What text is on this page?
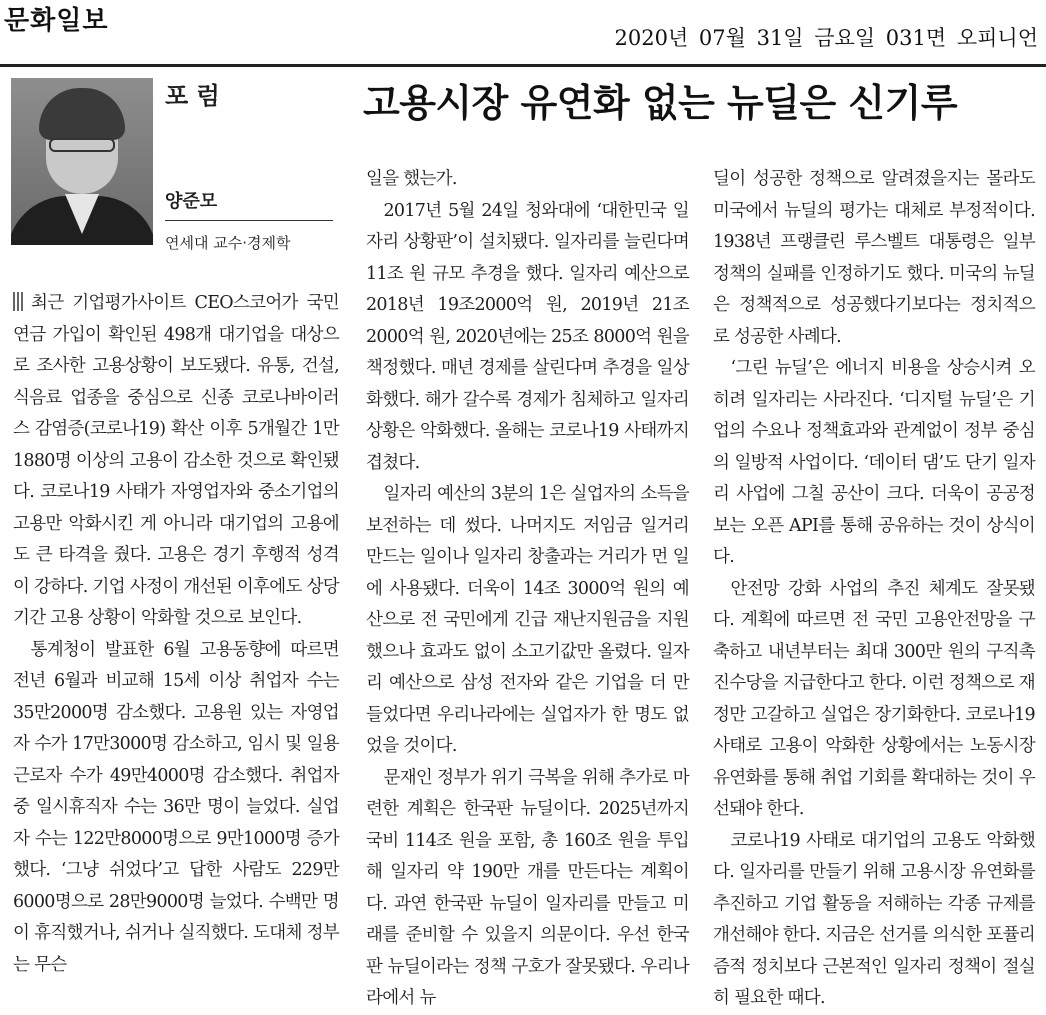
문화일보
2020년 07월 31일 금요일 031면 오피니언
포 럼
양준모
연세대 교수·경제학
고용시장 유연화 없는 뉴딜은 신기루

최근 기업평가사이트 CEO스코어가 국민연금 가입이 확인된 498개 대기업을 대상으로 조사한 고용상황이 보도됐다. 유통, 건설, 식음료 업종을 중심으로 신종 코로나바이러스 감염증(코로나19) 확산 이후 5개월간 1만1880명 이상의 고용이 감소한 것으로 확인됐다. 코로나19 사태가 자영업자와 중소기업의 고용만 악화시킨 게 아니라 대기업의 고용에도 큰 타격을 줬다. 고용은 경기 후행적 성격이 강하다. 기업 사정이 개선된 이후에도 상당 기간 고용 상황이 악화할 것으로 보인다.

통계청이 발표한 6월 고용동향에 따르면 전년 6월과 비교해 15세 이상 취업자 수는 35만2000명 감소했다. 고용원 있는 자영업자 수가 17만3000명 감소하고, 임시 및 일용 근로자 수가 49만4000명 감소했다. 취업자 중 일시휴직자 수는 36만 명이 늘었다. 실업자 수는 122만8000명으로 9만1000명 증가했다. ‘그냥 쉬었다’고 답한 사람도 229만6000명으로 28만9000명 늘었다. 수백만 명이 휴직했거나, 쉬거나 실직했다. 도대체 정부는 무슨

일을 했는가.

2017년 5월 24일 청와대에 ‘대한민국 일자리 상황판’이 설치됐다. 일자리를 늘린다며 11조 원 규모 추경을 했다. 일자리 예산으로 2018년 19조2000억 원, 2019년 21조2000억 원, 2020년에는 25조 8000억 원을 책정했다. 매년 경제를 살린다며 추경을 일상화했다. 해가 갈수록 경제가 침체하고 일자리 상황은 악화했다. 올해는 코로나19 사태까지 겹쳤다.

일자리 예산의 3분의 1은 실업자의 소득을 보전하는 데 썼다. 나머지도 저임금 일거리 만드는 일이나 일자리 창출과는 거리가 먼 일에 사용됐다. 더욱이 14조 3000억 원의 예산으로 전 국민에게 긴급 재난지원금을 지원했으나 효과도 없이 소고기값만 올렸다. 일자리 예산으로 삼성 전자와 같은 기업을 더 만들었다면 우리나라에는 실업자가 한 명도 없었을 것이다.

문재인 정부가 위기 극복을 위해 추가로 마련한 계획은 한국판 뉴딜이다. 2025년까지 국비 114조 원을 포함, 총 160조 원을 투입해 일자리 약 190만 개를 만든다는 계획이다. 과연 한국판 뉴딜이 일자리를 만들고 미래를 준비할 수 있을지 의문이다. 우선 한국판 뉴딜이라는 정책 구호가 잘못됐다. 우리나라에서 뉴

딜이 성공한 정책으로 알려졌을지는 몰라도 미국에서 뉴딜의 평가는 대체로 부정적이다. 1938년 프랭클린 루스벨트 대통령은 일부 정책의 실패를 인정하기도 했다. 미국의 뉴딜은 정책적으로 성공했다기보다는 정치적으로 성공한 사례다.

‘그린 뉴딜’은 에너지 비용을 상승시켜 오히려 일자리는 사라진다. ‘디지털 뉴딜’은 기업의 수요나 정책효과와 관계없이 정부 중심의 일방적 사업이다. ‘데이터 댐’도 단기 일자리 사업에 그칠 공산이 크다. 더욱이 공공정보는 오픈 API를 통해 공유하는 것이 상식이다.

안전망 강화 사업의 추진 체계도 잘못됐다. 계획에 따르면 전 국민 고용안전망을 구축하고 내년부터는 최대 300만 원의 구직촉진수당을 지급한다고 한다. 이런 정책으로 재정만 고갈하고 실업은 장기화한다. 코로나19 사태로 고용이 악화한 상황에서는 노동시장 유연화를 통해 취업 기회를 확대하는 것이 우선돼야 한다.

코로나19 사태로 대기업의 고용도 악화했다. 일자리를 만들기 위해 고용시장 유연화를 추진하고 기업 활동을 저해하는 각종 규제를 개선해야 한다. 지금은 선거를 의식한 포퓰리즘적 정치보다 근본적인 일자리 정책이 절실히 필요한 때다.
